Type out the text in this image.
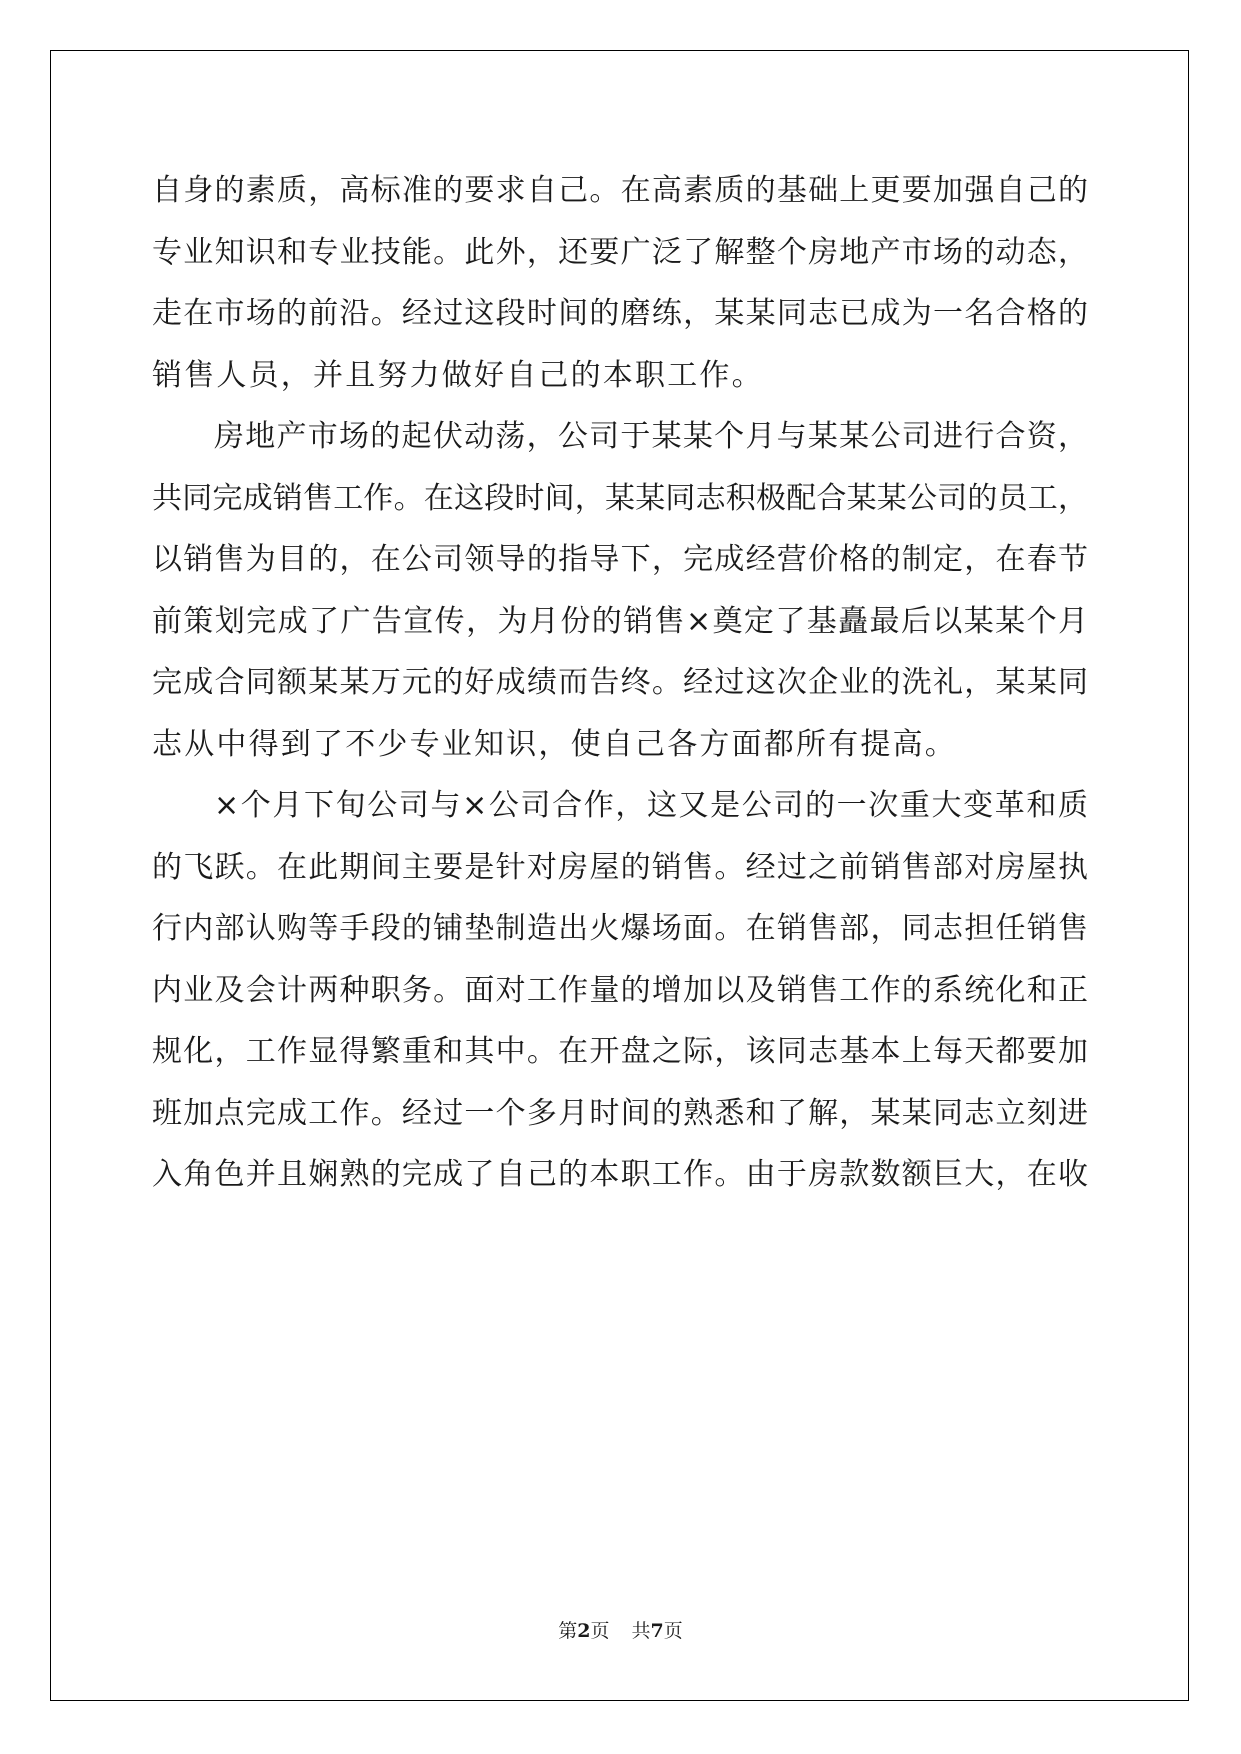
自身的素质，高标准的要求自己。在高素质的基础上更要加强自己的
专业知识和专业技能。此外，还要广泛了解整个房地产市场的动态，
走在市场的前沿。经过这段时间的磨练，某某同志已成为一名合格的
销售人员，并且努力做好自己的本职工作。
房地产市场的起伏动荡，公司于某某个月与某某公司进行合资，
共同完成销售工作。在这段时间，某某同志积极配合某某公司的员工，
以销售为目的，在公司领导的指导下，完成经营价格的制定，在春节
前策划完成了广告宣传，为月份的销售×奠定了基矗最后以某某个月
完成合同额某某万元的好成绩而告终。经过这次企业的洗礼，某某同
志从中得到了不少专业知识，使自己各方面都所有提高。
×个月下旬公司与×公司合作，这又是公司的一次重大变革和质
的飞跃。在此期间主要是针对房屋的销售。经过之前销售部对房屋执
行内部认购等手段的铺垫制造出火爆场面。在销售部，同志担任销售
内业及会计两种职务。面对工作量的增加以及销售工作的系统化和正
规化，工作显得繁重和其中。在开盘之际，该同志基本上每天都要加
班加点完成工作。经过一个多月时间的熟悉和了解，某某同志立刻进
入角色并且娴熟的完成了自己的本职工作。由于房款数额巨大，在收
第2页 共7页
